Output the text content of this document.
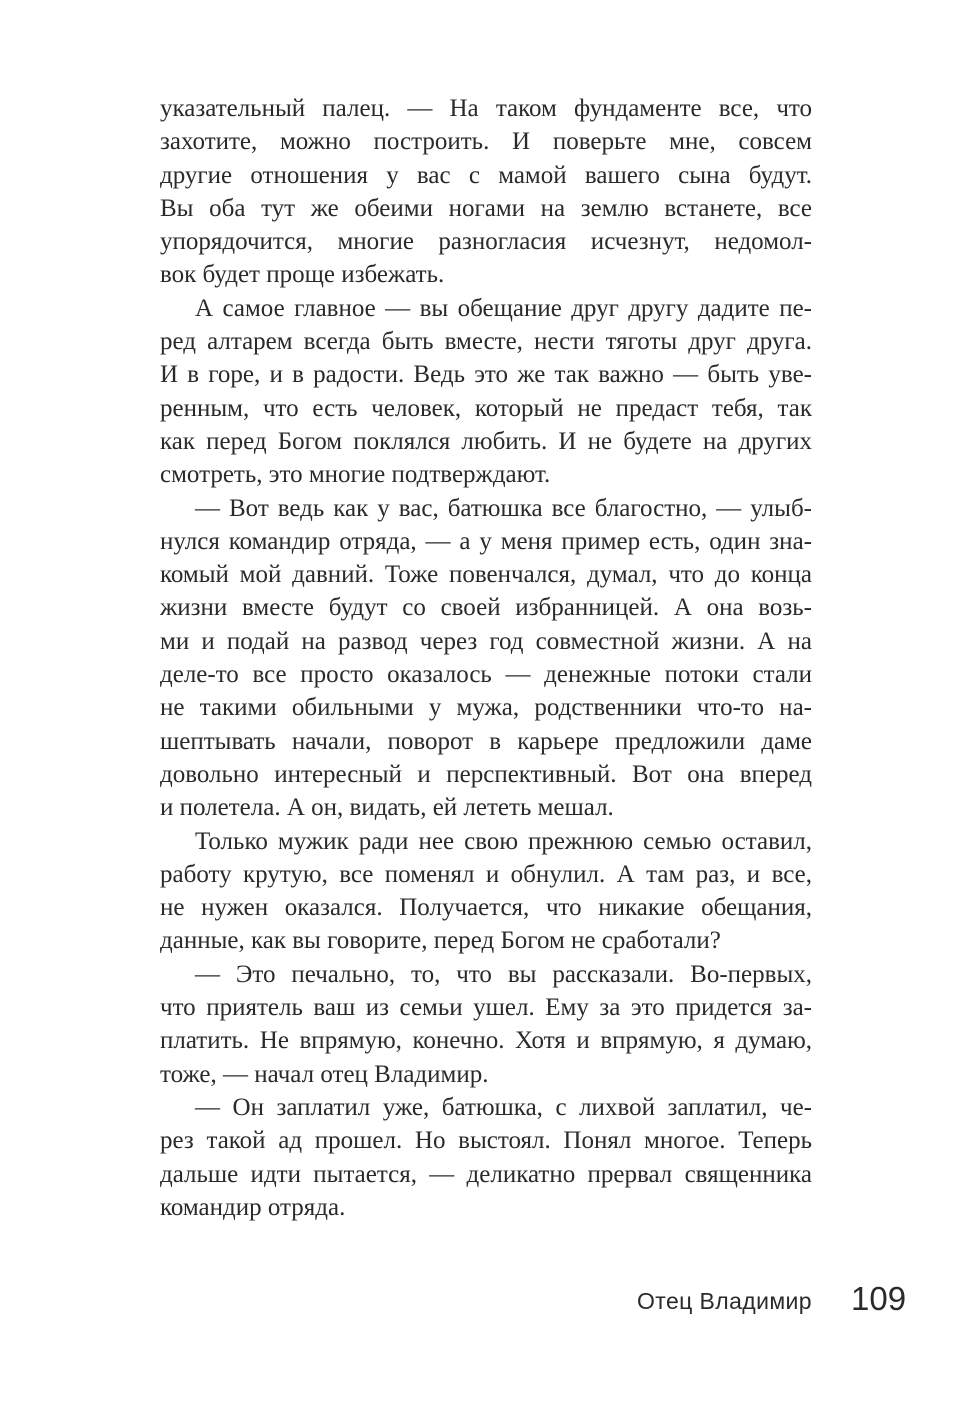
указательный палец. — На таком фундаменте все, что
захотите, можно построить. И поверьте мне, совсем
другие отношения у вас с мамой вашего сына будут.
Вы оба тут же обеими ногами на землю встанете, все
упорядочится, многие разногласия исчезнут, недомол-
вок будет проще избежать.
А самое главное — вы обещание друг другу дадите пе-
ред алтарем всегда быть вместе, нести тяготы друг друга.
И в горе, и в радости. Ведь это же так важно — быть уве-
ренным, что есть человек, который не предаст тебя, так
как перед Богом поклялся любить. И не будете на других
смотреть, это многие подтверждают.
— Вот ведь как у вас, батюшка все благостно, — улыб-
нулся командир отряда, — а у меня пример есть, один зна-
комый мой давний. Тоже повенчался, думал, что до конца
жизни вместе будут со своей избранницей. А она возь-
ми и подай на развод через год совместной жизни. А на
деле-то все просто оказалось — денежные потоки стали
не такими обильными у мужа, родственники что-то на-
шептывать начали, поворот в карьере предложили даме
довольно интересный и перспективный. Вот она вперед
и полетела. А он, видать, ей лететь мешал.
Только мужик ради нее свою прежнюю семью оставил,
работу крутую, все поменял и обнулил. А там раз, и все,
не нужен оказался. Получается, что никакие обещания,
данные, как вы говорите, перед Богом не сработали?
— Это печально, то, что вы рассказали. Во-первых,
что приятель ваш из семьи ушел. Ему за это придется за-
платить. Не впрямую, конечно. Хотя и впрямую, я думаю,
тоже, — начал отец Владимир.
— Он заплатил уже, батюшка, с лихвой заплатил, че-
рез такой ад прошел. Но выстоял. Понял многое. Теперь
дальше идти пытается, — деликатно прервал священника
командир отряда.
Отец Владимир 109
